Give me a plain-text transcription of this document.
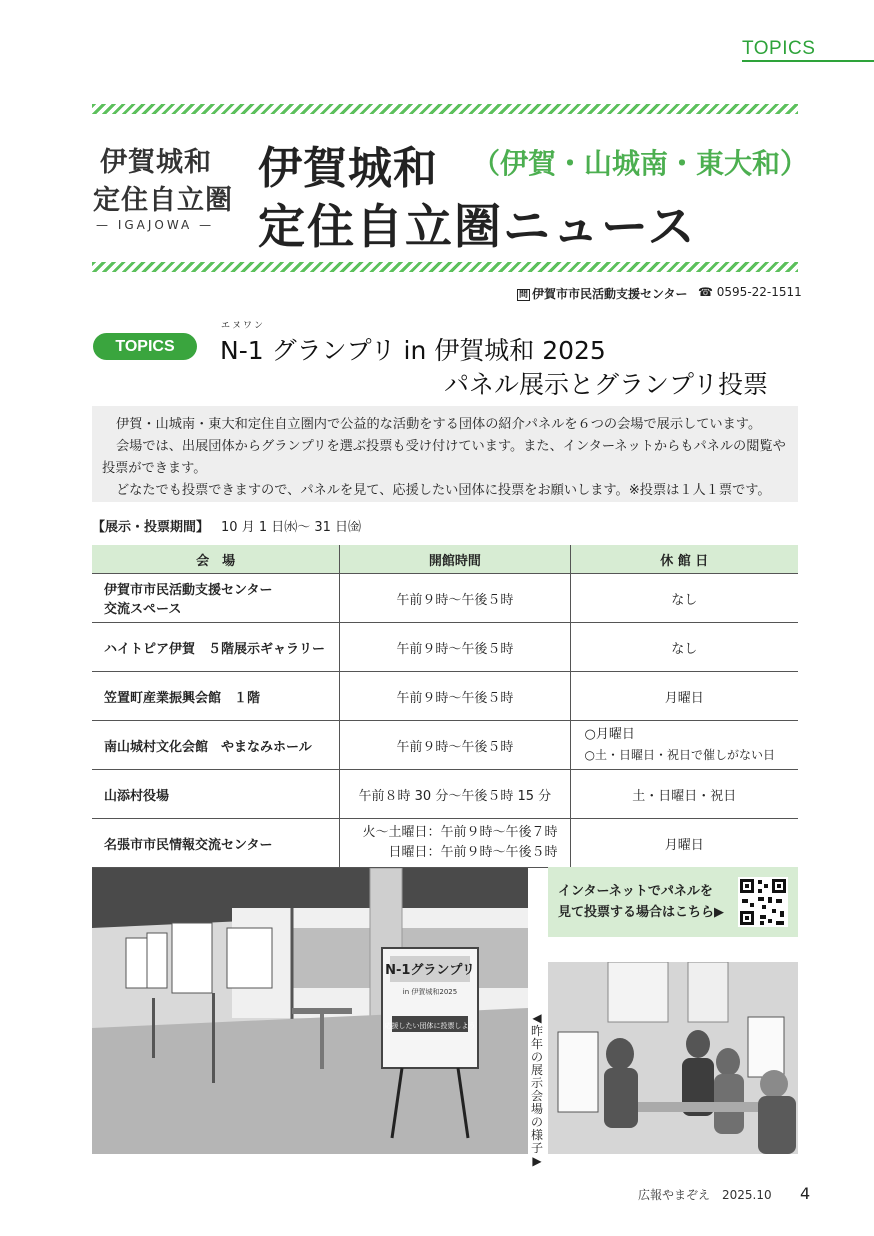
TOPICS
伊賀城和
定住自立圏
— IGAJOWA —
伊賀城和 （伊賀・山城南・東大和）
定住自立圏ニュース
問 伊賀市市民活動支援センター ☎ 0595-22-1511
TOPICS
エヌワン
N-1 グランプリ in 伊賀城和 2025
パネル展示とグランプリ投票

伊賀・山城南・東大和定住自立圏内で公益的な活動をする団体の紹介パネルを６つの会場で展示しています。

会場では、出展団体からグランプリを選ぶ投票も受け付けています。また、インターネットからもパネルの閲覧や投票ができます。

どなたでも投票できますので、パネルを見て、応援したい団体に投票をお願いします。※投票は１人１票です。

【展示・投票期間】 10 月 1 日㈬～ 31 日㈮
会　場	開館時間	休 館 日

伊賀市市民活動支援センター
交流スペース	午前９時～午後５時	なし
ハイトピア伊賀　５階展示ギャラリー	午前９時～午後５時	なし
笠置町産業振興会館　１階	午前９時～午後５時	月曜日
南山城村文化会館　やまなみホール	午前９時～午後５時	○月曜日
○土・日曜日・祝日で催しがない日

山添村役場	午前８時 30 分～午後５時 15 分	土・日曜日・祝日
名張市市民情報交流センター	火～土曜日：午前９時～午後７時
日曜日：午前９時～午後５時	月曜日
N-1グランプリ
in 伊賀城和2025
応援したい団体に投票しよう
◀昨年の展示会場の様子▶
インターネットでパネルを
見て投票する場合はこちら▶
広報やまぞえ　2025.10 4
